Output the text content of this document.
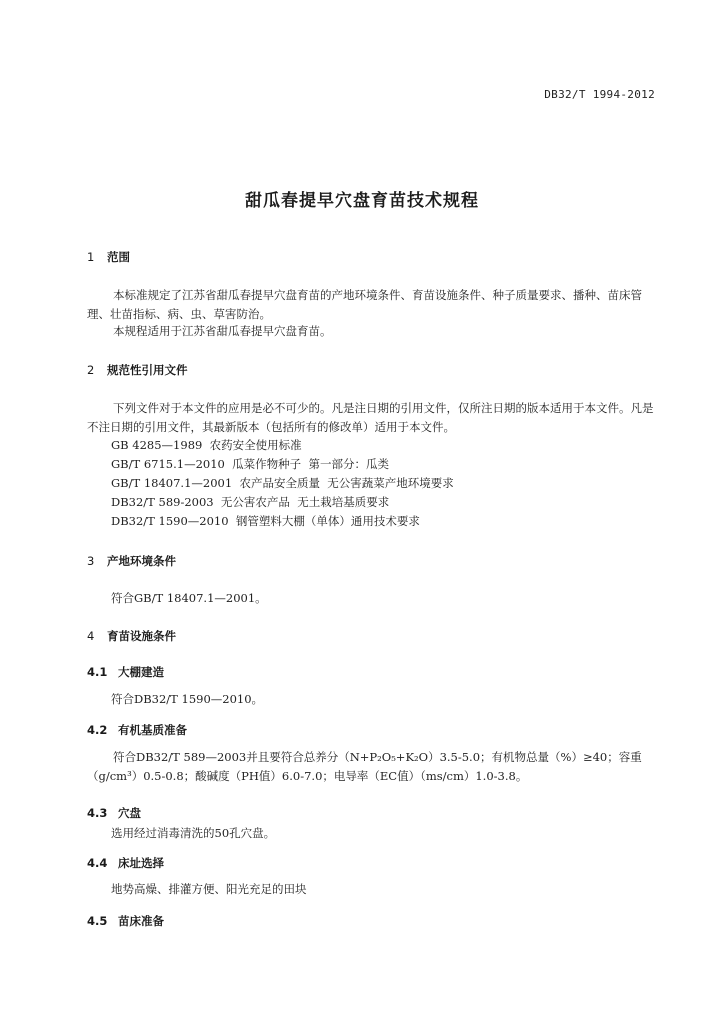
DB32/T 1994-2012
甜瓜春提早穴盘育苗技术规程
1 范围
本标准规定了江苏省甜瓜春提早穴盘育苗的产地环境条件、育苗设施条件、种子质量要求、播种、苗床管理、壮苗指标、病、虫、草害防治。
本规程适用于江苏省甜瓜春提早穴盘育苗。
2 规范性引用文件
下列文件对于本文件的应用是必不可少的。凡是注日期的引用文件，仅所注日期的版本适用于本文件。凡是不注日期的引用文件，其最新版本（包括所有的修改单）适用于本文件。
GB 4285—1989  农药安全使用标准
GB/T 6715.1—2010  瓜菜作物种子  第一部分：瓜类
GB/T 18407.1—2001  农产品安全质量  无公害蔬菜产地环境要求
DB32/T 589-2003  无公害农产品  无土栽培基质要求
DB32/T 1590—2010  钢管塑料大棚（单体）通用技术要求
3 产地环境条件
符合GB/T 18407.1—2001。
4 育苗设施条件
4.1 大棚建造
符合DB32/T 1590—2010。
4.2 有机基质准备
符合DB32/T 589—2003并且要符合总养分（N+P₂O₅+K₂O）3.5-5.0；有机物总量（%）≥40；容重（g/cm³）0.5-0.8；酸碱度（PH值）6.0-7.0；电导率（EC值）（ms/cm）1.0-3.8。
4.3 穴盘
选用经过消毒清洗的50孔穴盘。
4.4 床址选择
地势高燥、排灌方便、阳光充足的田块
4.5 苗床准备
